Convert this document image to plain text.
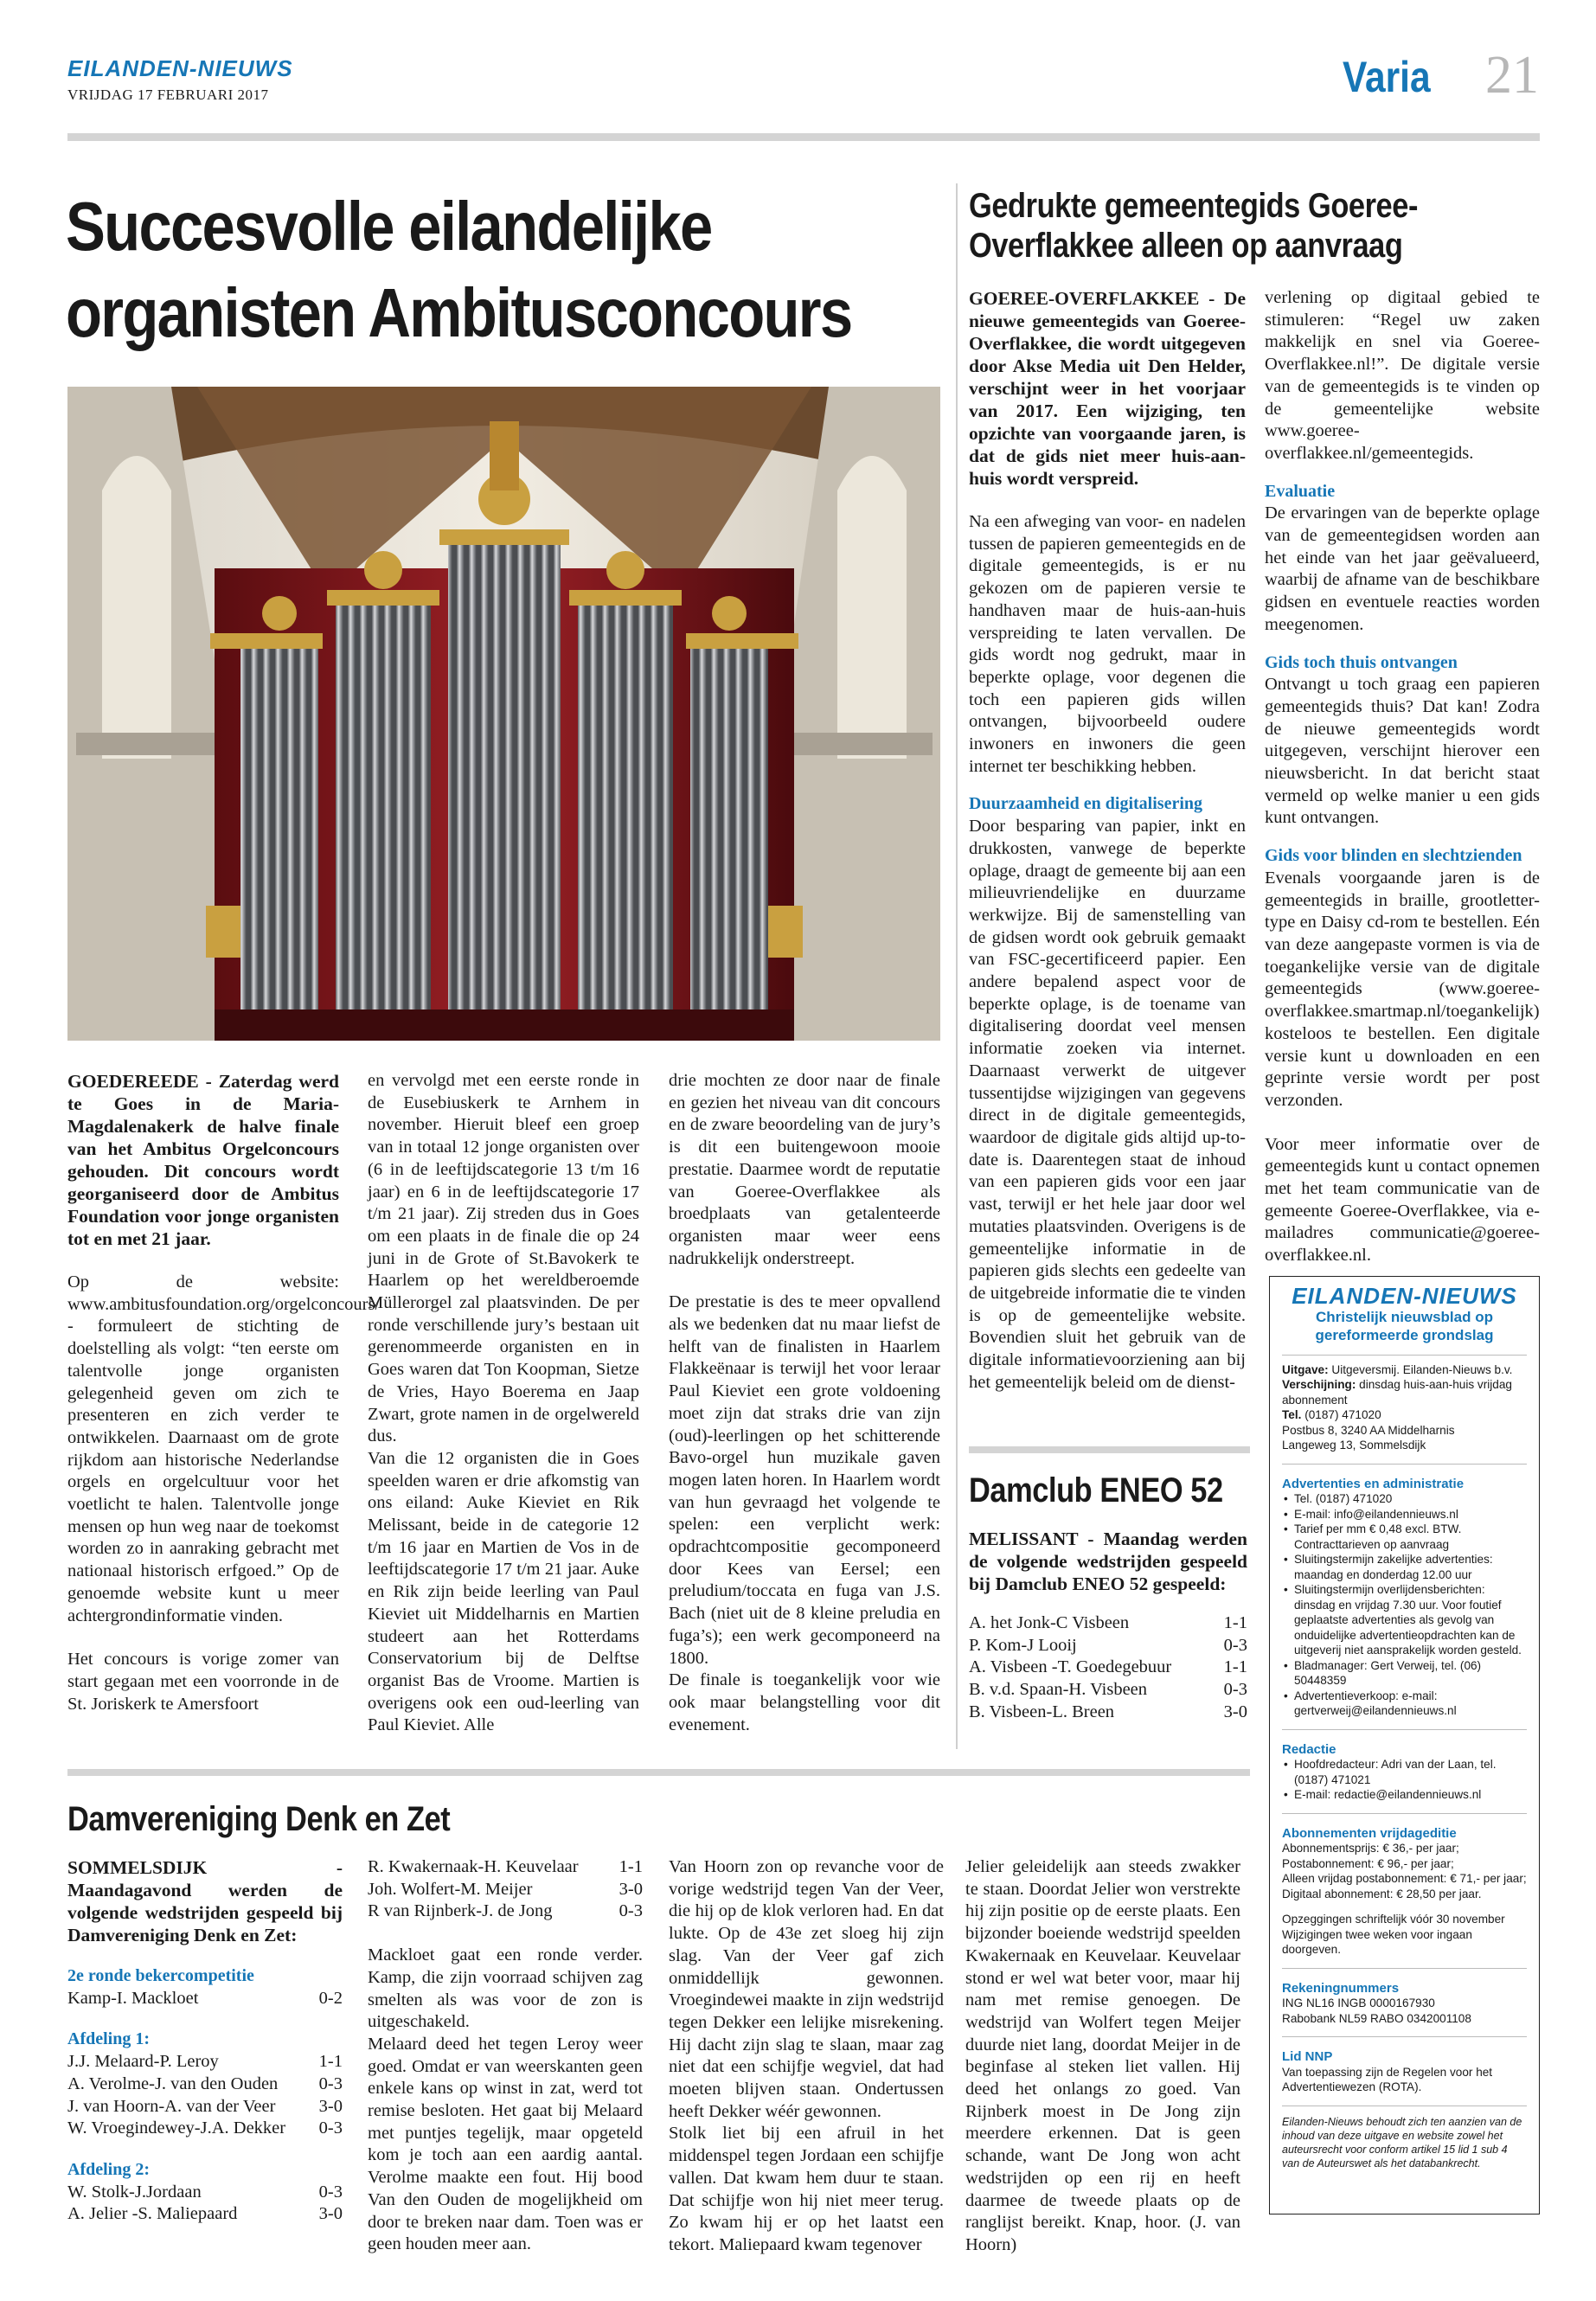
EILANDEN-NIEUWS
VRIJDAG 17 FEBRUARI 2017	Varia 21
Succesvolle eilandelijke
organisten Ambitusconcours

GOEDEREEDE - Zaterdag werd te Goes in de Maria-Magdalenakerk de halve finale van het Ambitus Orgelconcours gehouden. Dit concours wordt georganiseerd door de Ambitus Foundation voor jonge organisten tot en met 21 jaar.

Op de website: www.ambitusfoundation.org/orgelconcours/ - formuleert de stichting de doelstelling als volgt: “ten eerste om talentvolle jonge organisten gelegenheid geven om zich te presenteren en zich verder te ontwikkelen. Daarnaast om de grote rijkdom aan historische Nederlandse orgels en orgelcultuur voor het voetlicht te halen. Talentvolle jonge mensen op hun weg naar de toekomst worden zo in aanraking gebracht met nationaal historisch erfgoed.” Op de genoemde website kunt u meer achtergrondinformatie vinden.

Het concours is vorige zomer van start gegaan met een voorronde in de St. Joriskerk te Amersfoort

en vervolgd met een eerste ronde in de Eusebiuskerk te Arnhem in november. Hieruit bleef een groep van in totaal 12 jonge organisten over (6 in de leeftijdscategorie 13 t/m 16 jaar) en 6 in de leeftijdscategorie 17 t/m 21 jaar). Zij streden dus in Goes om een plaats in de finale die op 24 juni in de Grote of St.Bavokerk te Haarlem op het wereldberoemde Müllerorgel zal plaatsvinden. De per ronde verschillende jury’s bestaan uit gerenommeerde organisten en in Goes waren dat Ton Koopman, Sietze de Vries, Hayo Boerema en Jaap Zwart, grote namen in de orgelwereld dus.

Van die 12 organisten die in Goes speelden waren er drie afkomstig van ons eiland: Auke Kieviet en Rik Melissant, beide in de categorie 12 t/m 16 jaar en Martien de Vos in de leeftijdscategorie 17 t/m 21 jaar. Auke en Rik zijn beide leerling van Paul Kieviet uit Middelharnis en Martien studeert aan het Rotterdams Conservatorium bij de Delftse organist Bas de Vroome. Martien is overigens ook een oud-leerling van Paul Kieviet. Alle

drie mochten ze door naar de finale en gezien het niveau van dit concours en de zware beoordeling van de jury’s is dit een buitengewoon mooie prestatie. Daarmee wordt de reputatie van Goeree-Overflakkee als broedplaats van getalenteerde organisten maar weer eens nadrukkelijk onderstreept.

De prestatie is des te meer opvallend als we bedenken dat nu maar liefst de helft van de finalisten in Haarlem Flakkeënaar is terwijl het voor leraar Paul Kieviet een grote voldoening moet zijn dat straks drie van zijn (oud)-leerlingen op het schitterende Bavo-orgel hun muzikale gaven mogen laten horen. In Haarlem wordt van hun gevraagd het volgende te spelen: een verplicht werk: opdrachtcompositie gecomponeerd door Kees van Eersel; een preludium/toccata en fuga van J.S. Bach (niet uit de 8 kleine preludia en fuga’s); een werk gecomponeerd na 1800.

De finale is toegankelijk voor wie ook maar belangstelling voor dit evenement.

Gedrukte gemeentegids Goeree-Overflakkee alleen op aanvraag

GOEREE-OVERFLAKKEE - De nieuwe gemeentegids van Goeree-Overflakkee, die wordt uitgegeven door Akse Media uit Den Helder, verschijnt weer in het voorjaar van 2017. Een wijziging, ten opzichte van voorgaande jaren, is dat de gids niet meer huis-aan-huis wordt verspreid.

Na een afweging van voor- en nadelen tussen de papieren gemeentegids en de digitale gemeentegids, is er nu gekozen om de papieren versie te handhaven maar de huis-aan-huis verspreiding te laten vervallen. De gids wordt nog gedrukt, maar in beperkte oplage, voor degenen die toch een papieren gids willen ontvangen, bijvoorbeeld oudere inwoners en inwoners die geen internet ter beschikking hebben.

Duurzaamheid en digitalisering

Door besparing van papier, inkt en drukkosten, vanwege de beperkte oplage, draagt de gemeente bij aan een milieuvriendelijke en duurzame werkwijze. Bij de samenstelling van de gidsen wordt ook gebruik gemaakt van FSC-gecertificeerd papier. Een andere bepalend aspect voor de beperkte oplage, is de toename van digitalisering doordat veel mensen informatie zoeken via internet. Daarnaast verwerkt de uitgever tussentijdse wijzigingen van gegevens direct in de digitale gemeentegids, waardoor de digitale gids altijd up-to-date is. Daarentegen staat de inhoud van een papieren gids voor een jaar vast, terwijl er het hele jaar door wel mutaties plaatsvinden. Overigens is de gemeentelijke informatie in de papieren gids slechts een gedeelte van de uitgebreide informatie die te vinden is op de gemeentelijke website. Bovendien sluit het gebruik van de digitale informatievoorziening aan bij het gemeentelijk beleid om de dienst-

verlening op digitaal gebied te stimuleren: “Regel uw zaken makkelijk en snel via Goeree-Overflakkee.nl!”. De digitale versie van de gemeentegids is te vinden op de gemeentelijke website www.goeree-overflakkee.nl/gemeentegids.

Evaluatie

De ervaringen van de beperkte oplage van de gemeentegidsen worden aan het einde van het jaar geëvalueerd, waarbij de afname van de beschikbare gidsen en eventuele reacties worden meegenomen.

Gids toch thuis ontvangen

Ontvangt u toch graag een papieren gemeentegids thuis? Dat kan! Zodra de nieuwe gemeentegids wordt uitgegeven, verschijnt hierover een nieuwsbericht. In dat bericht staat vermeld op welke manier u een gids kunt ontvangen.

Gids voor blinden en slechtzienden

Evenals voorgaande jaren is de gemeentegids in braille, grootletter-type en Daisy cd-rom te bestellen. Eén van deze aangepaste vormen is via de toegankelijke versie van de digitale gemeentegids (www.goeree-overflakkee.smartmap.nl/toegankelijk) kosteloos te bestellen. Een digitale versie kunt u downloaden en een geprinte versie wordt per post verzonden.

Voor meer informatie over de gemeentegids kunt u contact opnemen met het team communicatie van de gemeente Goeree-Overflakkee, via e-mailadres communicatie@goeree-overflakkee.nl.

Damclub ENEO 52

MELISSANT - Maandag werden de volgende wedstrijden gespeeld bij Damclub ENEO 52 gespeeld:

A. het Jonk-C Visbeen	1-1
P. Kom-J Looij	0-3
A. Visbeen -T. Goedegebuur	1-1
B. v.d. Spaan-H. Visbeen	0-3
B. Visbeen-L. Breen	3-0
EILANDEN-NIEUWS
Christelijk nieuwsblad op
gereformeerde grondslag
Uitgave: Uitgeversmij. Eilanden-Nieuws b.v.
Verschijning: dinsdag huis-aan-huis vrijdag abonnement
Tel. (0187) 471020
Postbus 8, 3240 AA Middelharnis
Langeweg 13, Sommelsdijk
Advertenties en administratie
• Tel. (0187) 471020
• E-mail: info@eilandennieuws.nl
• Tarief per mm € 0,48 excl. BTW. Contracttarieven op aanvraag
• Sluitingstermijn zakelijke advertenties: maandag en donderdag 12.00 uur
• Sluitingstermijn overlijdensberichten: dinsdag en vrijdag 7.30 uur. Voor foutief geplaatste advertenties als gevolg van onduidelijke advertentieopdrachten kan de uitgeverij niet aansprakelijk worden gesteld.
• Bladmanager: Gert Verweij, tel. (06) 50448359
• Advertentieverkoop: e-mail: gertverweij@eilandennieuws.nl
Redactie
• Hoofdredacteur: Adri van der Laan, tel. (0187) 471021
• E-mail: redactie@eilandennieuws.nl
Abonnementen vrijdageditie
Abonnementsprijs: € 36,- per jaar;
Postabonnement: € 96,- per jaar;
Alleen vrijdag postabonnement: € 71,- per jaar;
Digitaal abonnement: € 28,50 per jaar.
Opzeggingen schriftelijk vóór 30 november Wijzigingen twee weken voor ingaan doorgeven.
Rekeningnummers
ING NL16 INGB 0000167930
Rabobank NL59 RABO 0342001108
Lid NNP
Van toepassing zijn de Regelen voor het Advertentiewezen (ROTA).
Eilanden-Nieuws behoudt zich ten aanzien van de inhoud van deze uitgave en website zowel het auteursrecht voor conform artikel 15 lid 1 sub 4 van de Auteurswet als het databankrecht.
Damvereniging Denk en Zet

SOMMELSDIJK - Maandagavond werden de volgende wedstrijden gespeeld bij Damvereniging Denk en Zet:

2e ronde bekercompetitie

Kamp-I. Mackloet	0-2

Afdeling 1:

J.J. Melaard-P. Leroy	1-1
A. Verolme-J. van den Ouden 0-3
J. van Hoorn-A. van der Veer 3-0
W. Vroegindewey-J.A. Dekker 0-3

Afdeling 2:

W. Stolk-J.Jordaan	0-3
A. Jelier -S. Maliepaard	3-0
R. Kwakernaak-H. Keuvelaar 1-1
Joh. Wolfert-M. Meijer	3-0
R van Rijnberk-J. de Jong	0-3

Mackloet gaat een ronde verder. Kamp, die zijn voorraad schijven zag smelten als was voor de zon is uitgeschakeld.
Melaard deed het tegen Leroy weer goed. Omdat er van weerskanten geen enkele kans op winst in zat, werd tot remise besloten. Het gaat bij Melaard met puntjes tegelijk, maar opgeteld kom je toch aan een aardig aantal. Verolme maakte een fout. Hij bood Van den Ouden de mogelijkheid om door te breken naar dam. Toen was er geen houden meer aan.

Van Hoorn zon op revanche voor de vorige wedstrijd tegen Van der Veer, die hij op de klok verloren had. En dat lukte. Op de 43e zet sloeg hij zijn slag. Van der Veer gaf zich onmiddellijk gewonnen. Vroegindewei maakte in zijn wedstrijd tegen Dekker een lelijke misrekening. Hij dacht zijn slag te slaan, maar zag niet dat een schijfje wegviel, dat had moeten blijven staan. Ondertussen heeft Dekker wéér gewonnen.
Stolk liet bij een afruil in het middenspel tegen Jordaan een schijfje vallen. Dat kwam hem duur te staan. Dat schijfje won hij niet meer terug. Zo kwam hij er op het laatst een tekort. Maliepaard kwam tegenover
Jelier geleidelijk aan steeds zwakker te staan. Doordat Jelier won verstrekte hij zijn positie op de eerste plaats. Een bijzonder boeiende wedstrijd speelden Kwakernaak en Keuvelaar. Keuvelaar stond er wel wat beter voor, maar hij nam met remise genoegen. De wedstrijd van Wolfert tegen Meijer duurde niet lang, doordat Meijer in de beginfase al steken liet vallen. Hij deed het onlangs zo goed. Van Rijnberk moest in De Jong zijn meerdere erkennen. Dat is geen schande, want De Jong won acht wedstrijden op een rij en heeft daarmee de tweede plaats op de ranglijst bereikt. Knap, hoor. (J. van Hoorn)
